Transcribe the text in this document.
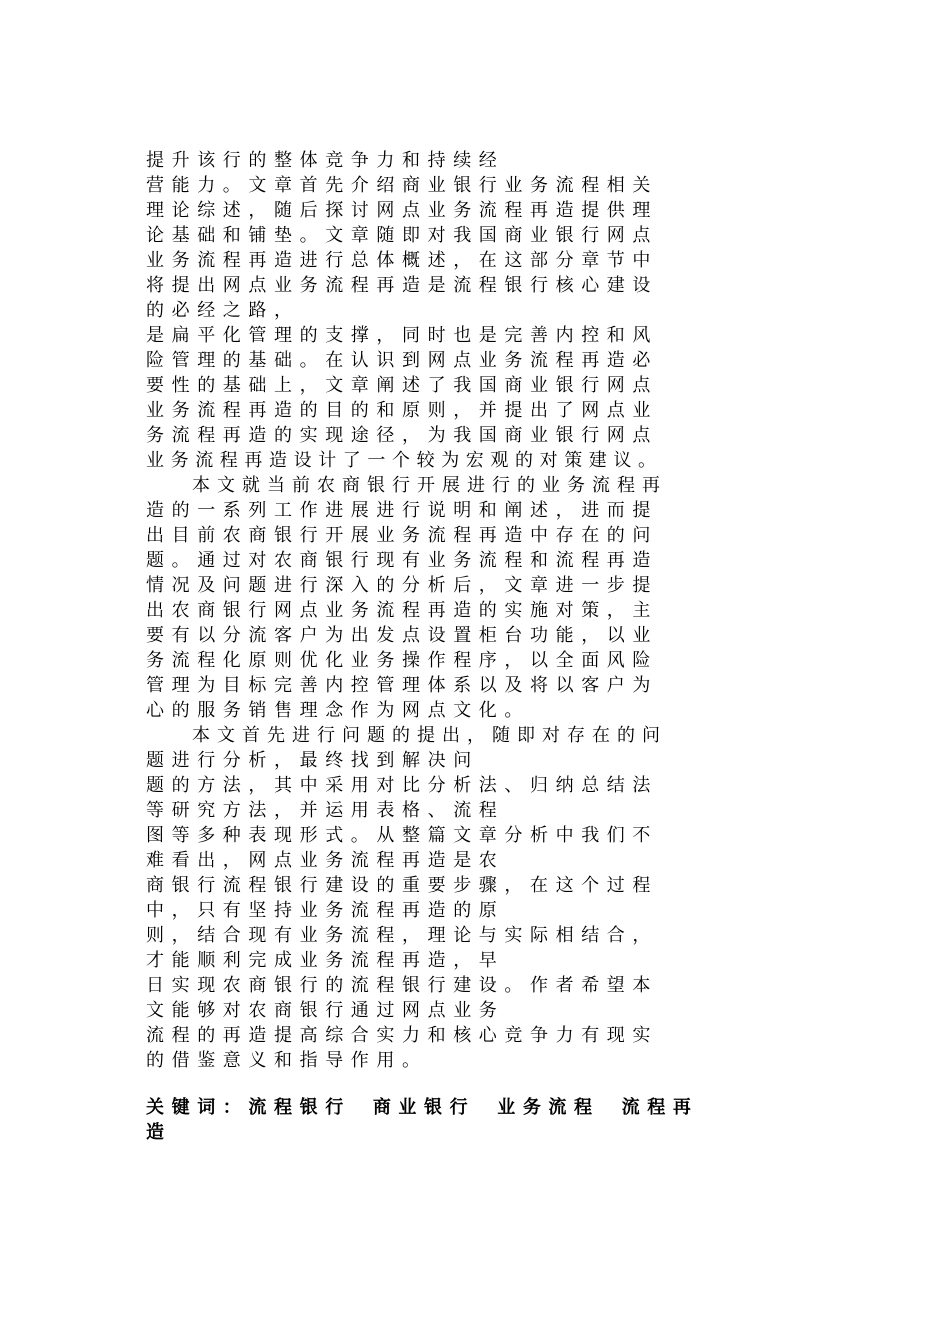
提升该行的整体竞争力和持续经
营能力。文章首先介绍商业银行业务流程相关
理论综述，随后探讨网点业务流程再造提供理
论基础和铺垫。文章随即对我国商业银行网点
业务流程再造进行总体概述，在这部分章节中
将提出网点业务流程再造是流程银行核心建设
的必经之路，
是扁平化管理的支撑，同时也是完善内控和风
险管理的基础。在认识到网点业务流程再造必
要性的基础上，文章阐述了我国商业银行网点
业务流程再造的目的和原则，并提出了网点业
务流程再造的实现途径，为我国商业银行网点
业务流程再造设计了一个较为宏观的对策建议。
本文就当前农商银行开展进行的业务流程再
造的一系列工作进展进行说明和阐述，进而提
出目前农商银行开展业务流程再造中存在的问
题。通过对农商银行现有业务流程和流程再造
情况及问题进行深入的分析后，文章进一步提
出农商银行网点业务流程再造的实施对策，主
要有以分流客户为出发点设置柜台功能，以业
务流程化原则优化业务操作程序，以全面风险
管理为目标完善内控管理体系以及将以客户为
心的服务销售理念作为网点文化。
本文首先进行问题的提出，随即对存在的问
题进行分析，最终找到解决问
题的方法，其中采用对比分析法、归纳总结法
等研究方法，并运用表格、流程
图等多种表现形式。从整篇文章分析中我们不
难看出，网点业务流程再造是农
商银行流程银行建设的重要步骤，在这个过程
中，只有坚持业务流程再造的原
则，结合现有业务流程，理论与实际相结合，
才能顺利完成业务流程再造，早
日实现农商银行的流程银行建设。作者希望本
文能够对农商银行通过网点业务
流程的再造提高综合实力和核心竞争力有现实
的借鉴意义和指导作用。
关键词：流程银行 商业银行 业务流程 流程再
造
